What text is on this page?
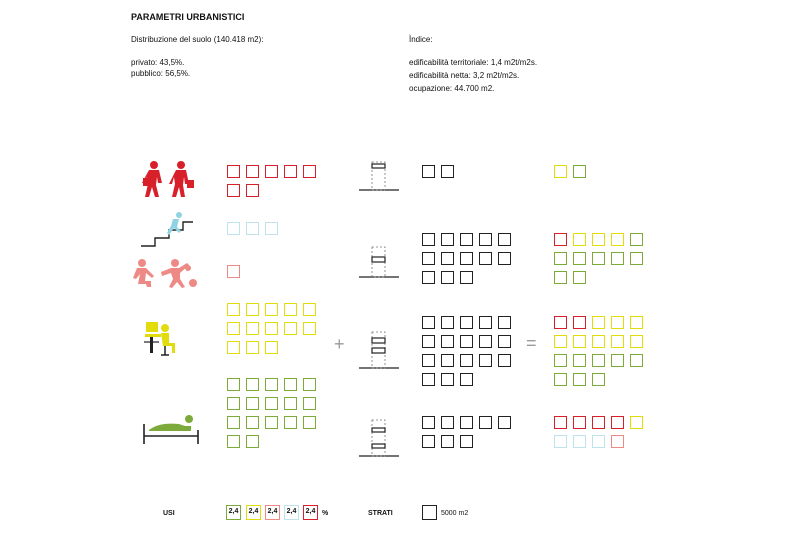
PARAMETRI URBANISTICI
Distribuzione del suolo (140.418 m2):
privato: 43,5%.
pubblico: 56,5%.
Ìndice:
edificabilità territoriale: 1,4 m2t/m2s.
edificabilità netta: 3,2 m2t/m2s.
ocupazione: 44.700 m2.
+	=
USI	2,4	2,4	2,4	2,4	2,4 %	STRATI	5000 m2
